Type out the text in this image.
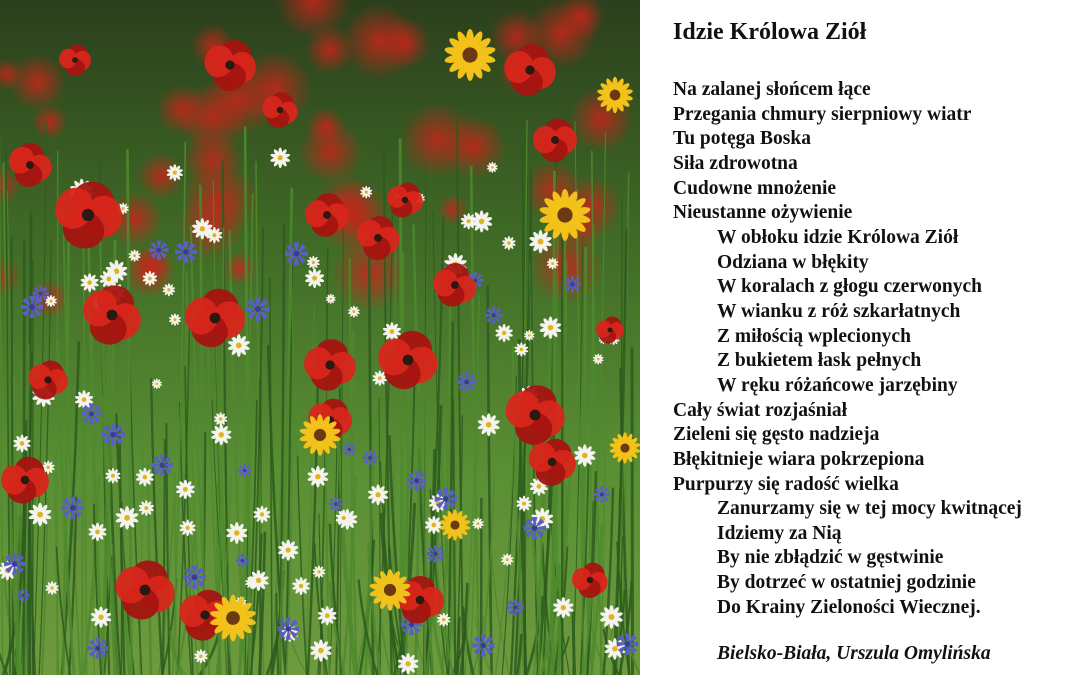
Idzie Królowa Ziół
Na zalanej słońcem łące
Przegania chmury sierpniowy wiatr
Tu potęga Boska
Siła zdrowotna
Cudowne mnożenie
Nieustanne ożywienie
W obłoku idzie Królowa Ziół
Odziana w błękity
W koralach z głogu czerwonych
W wianku z róż szkarłatnych
Z miłością wplecionych
Z bukietem łask pełnych
W ręku różańcowe jarzębiny
Cały świat rozjaśniał
Zieleni się gęsto nadzieja
Błękitnieje wiara pokrzepiona
Purpurzy się radość wielka
Zanurzamy się w tej mocy kwitnącej
Idziemy za Nią
By nie zbłądzić w gęstwinie
By dotrzeć w ostatniej godzinie
Do Krainy Zieloności Wiecznej.
Bielsko-Biała, Urszula Omylińska
